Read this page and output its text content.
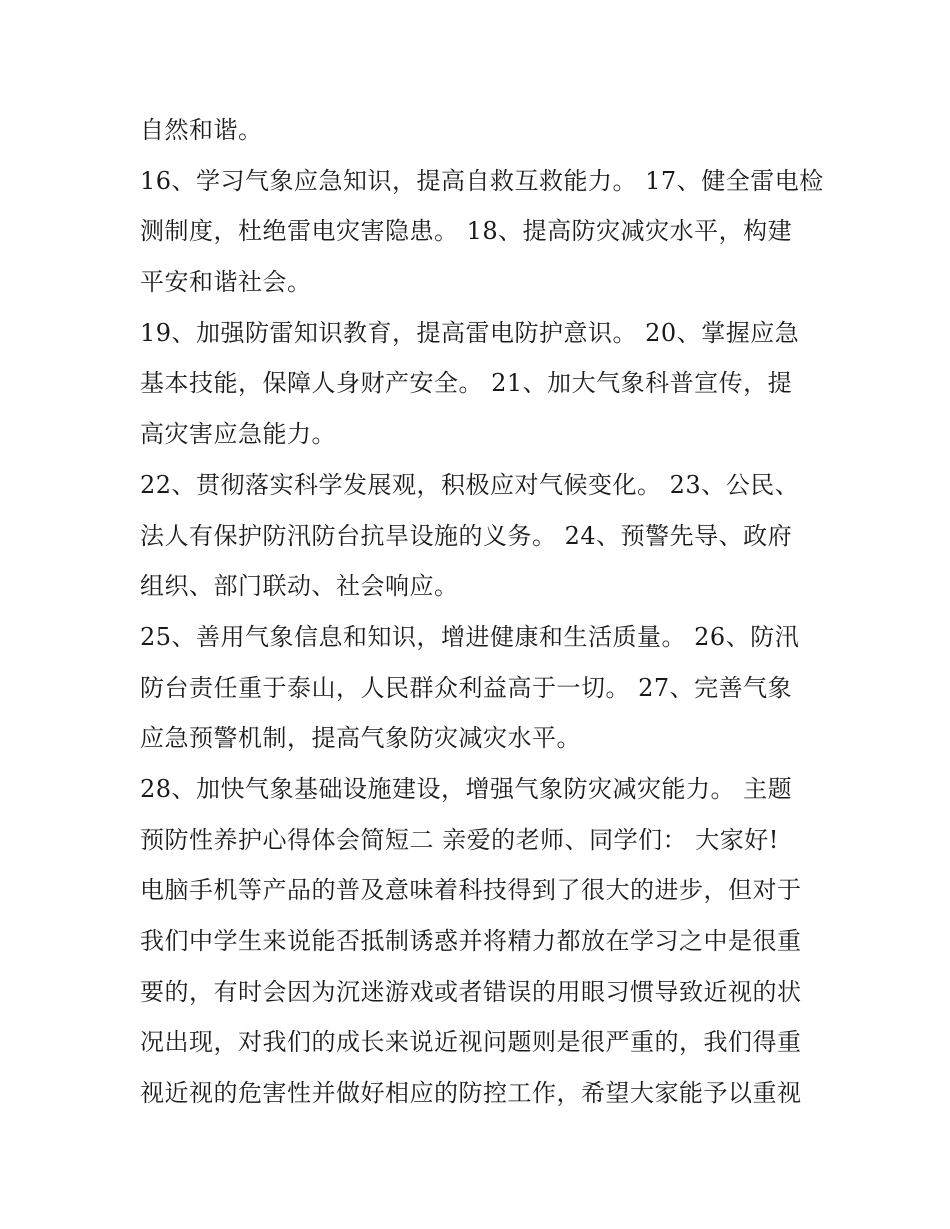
自然和谐。
16、学习气象应急知识，提高自救互救能力。 17、健全雷电检
测制度，杜绝雷电灾害隐患。 18、提高防灾减灾水平，构建
平安和谐社会。
19、加强防雷知识教育，提高雷电防护意识。 20、掌握应急
基本技能，保障人身财产安全。 21、加大气象科普宣传，提
高灾害应急能力。
22、贯彻落实科学发展观，积极应对气候变化。 23、公民、
法人有保护防汛防台抗旱设施的义务。 24、预警先导、政府
组织、部门联动、社会响应。
25、善用气象信息和知识，增进健康和生活质量。 26、防汛
防台责任重于泰山，人民群众利益高于一切。 27、完善气象
应急预警机制，提高气象防灾减灾水平。
28、加快气象基础设施建设，增强气象防灾减灾能力。 主题
预防性养护心得体会简短二 亲爱的老师、同学们： 大家好!
电脑手机等产品的普及意味着科技得到了很大的进步，但对于
我们中学生来说能否抵制诱惑并将精力都放在学习之中是很重
要的，有时会因为沉迷游戏或者错误的用眼习惯导致近视的状
况出现，对我们的成长来说近视问题则是很严重的，我们得重
视近视的危害性并做好相应的防控工作，希望大家能予以重视
